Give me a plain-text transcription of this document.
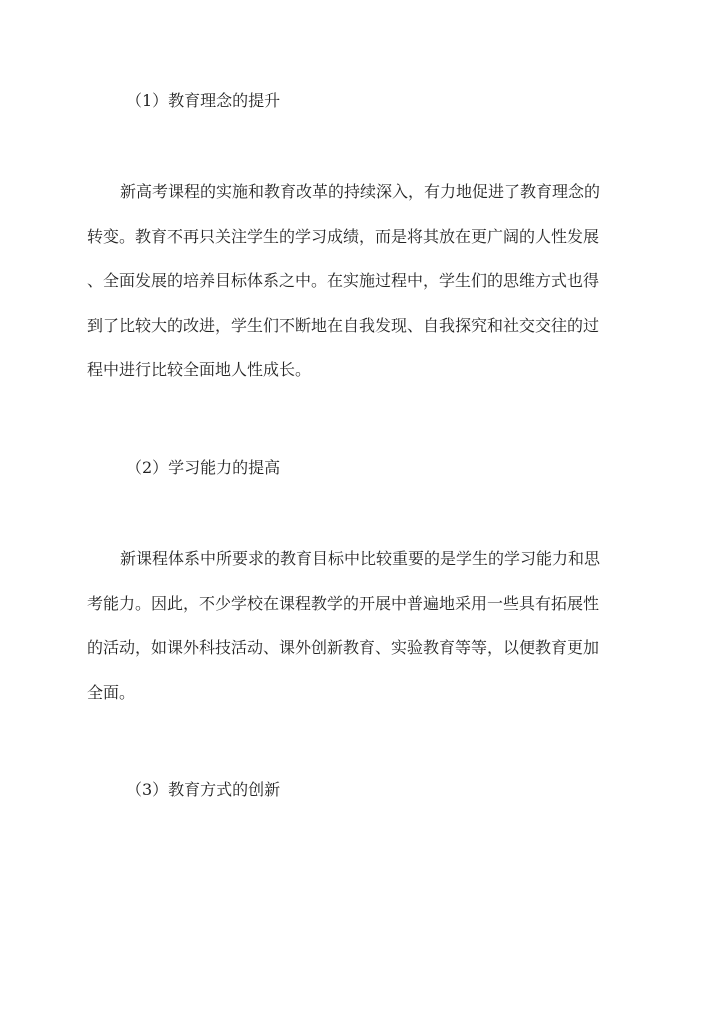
（1）教育理念的提升
新高考课程的实施和教育改革的持续深入，有力地促进了教育理念的
转变。教育不再只关注学生的学习成绩，而是将其放在更广阔的人性发展
、全面发展的培养目标体系之中。在实施过程中，学生们的思维方式也得
到了比较大的改进，学生们不断地在自我发现、自我探究和社交交往的过
程中进行比较全面地人性成长。
（2）学习能力的提高
新课程体系中所要求的教育目标中比较重要的是学生的学习能力和思
考能力。因此，不少学校在课程教学的开展中普遍地采用一些具有拓展性
的活动，如课外科技活动、课外创新教育、实验教育等等，以便教育更加
全面。
（3）教育方式的创新
